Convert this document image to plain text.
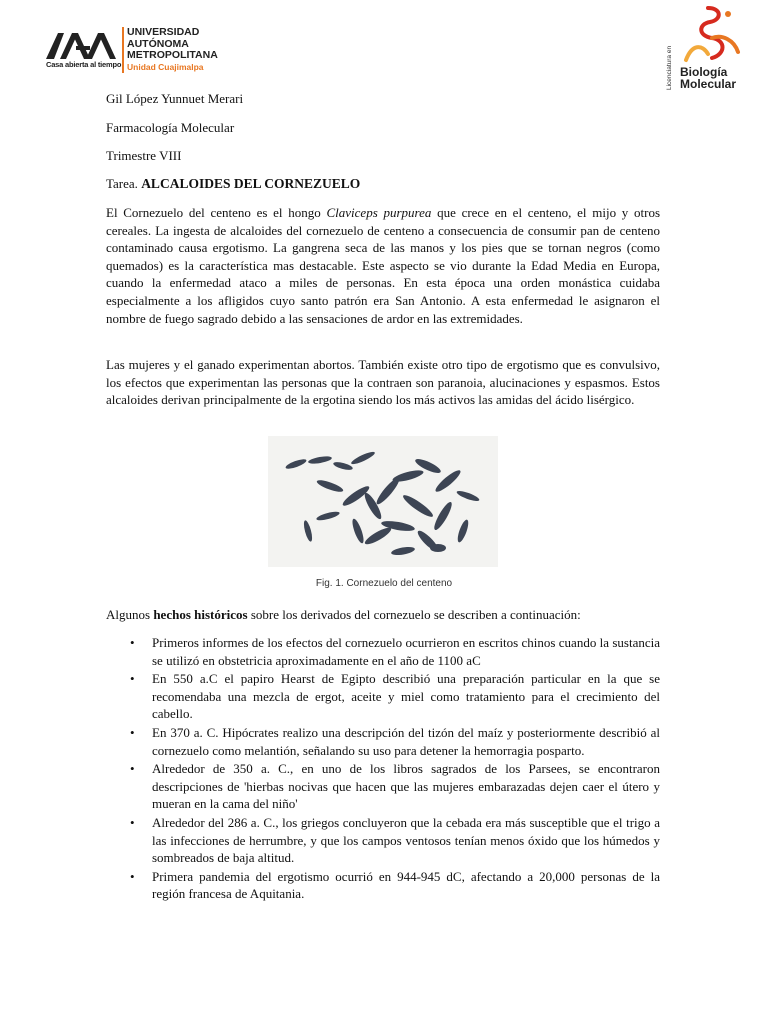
Casa abierta al tiempo
UNIVERSIDAD
AUTÓNOMA
METROPOLITANA
Unidad Cuajimalpa	Licenciatura en Biología
Molecular
Gil López Yunnuet Merari
Farmacología Molecular
Trimestre VIII
Tarea. ALCALOIDES DEL CORNEZUELO
El Cornezuelo del centeno es el hongo Claviceps purpurea que crece en el centeno, el mijo y otros cereales. La ingesta de alcaloides del cornezuelo de centeno a consecuencia de consumir pan de centeno contaminado causa ergotismo. La gangrena seca de las manos y los pies que se tornan negros (como quemados) es la característica mas destacable. Este aspecto se vio durante la Edad Media en Europa, cuando la enfermedad ataco a miles de personas. En esta época una orden monástica cuidaba especialmente a los afligidos cuyo santo patrón era San Antonio. A esta enfermedad le asignaron el nombre de fuego sagrado debido a las sensaciones de ardor en las extremidades.
Las mujeres y el ganado experimentan abortos. También existe otro tipo de ergotismo que es convulsivo, los efectos que experimentan las personas que la contraen son paranoia, alucinaciones y espasmos. Estos alcaloides derivan principalmente de la ergotina siendo los más activos las amidas del ácido lisérgico.
Fig. 1. Cornezuelo del centeno
Algunos hechos históricos sobre los derivados del cornezuelo se describen a continuación:
• Primeros informes de los efectos del cornezuelo ocurrieron en escritos chinos cuando la sustancia se utilizó en obstetricia aproximadamente en el año de 1100 aC
• En 550 a.C el papiro Hearst de Egipto describió una preparación particular en la que se recomendaba una mezcla de ergot, aceite y miel como tratamiento para el crecimiento del cabello.
• En 370 a. C. Hipócrates realizo una descripción del tizón del maíz y posteriormente describió al cornezuelo como melantión, señalando su uso para detener la hemorragia posparto.
• Alrededor de 350 a. C., en uno de los libros sagrados de los Parsees, se encontraron descripciones de 'hierbas nocivas que hacen que las mujeres embarazadas dejen caer el útero y mueran en la cama del niño'
• Alrededor del 286 a. C., los griegos concluyeron que la cebada era más susceptible que el trigo a las infecciones de herrumbre, y que los campos ventosos tenían menos óxido que los húmedos y sombreados de baja altitud.
• Primera pandemia del ergotismo ocurrió en 944-945 dC, afectando a 20,000 personas de la región francesa de Aquitania.
